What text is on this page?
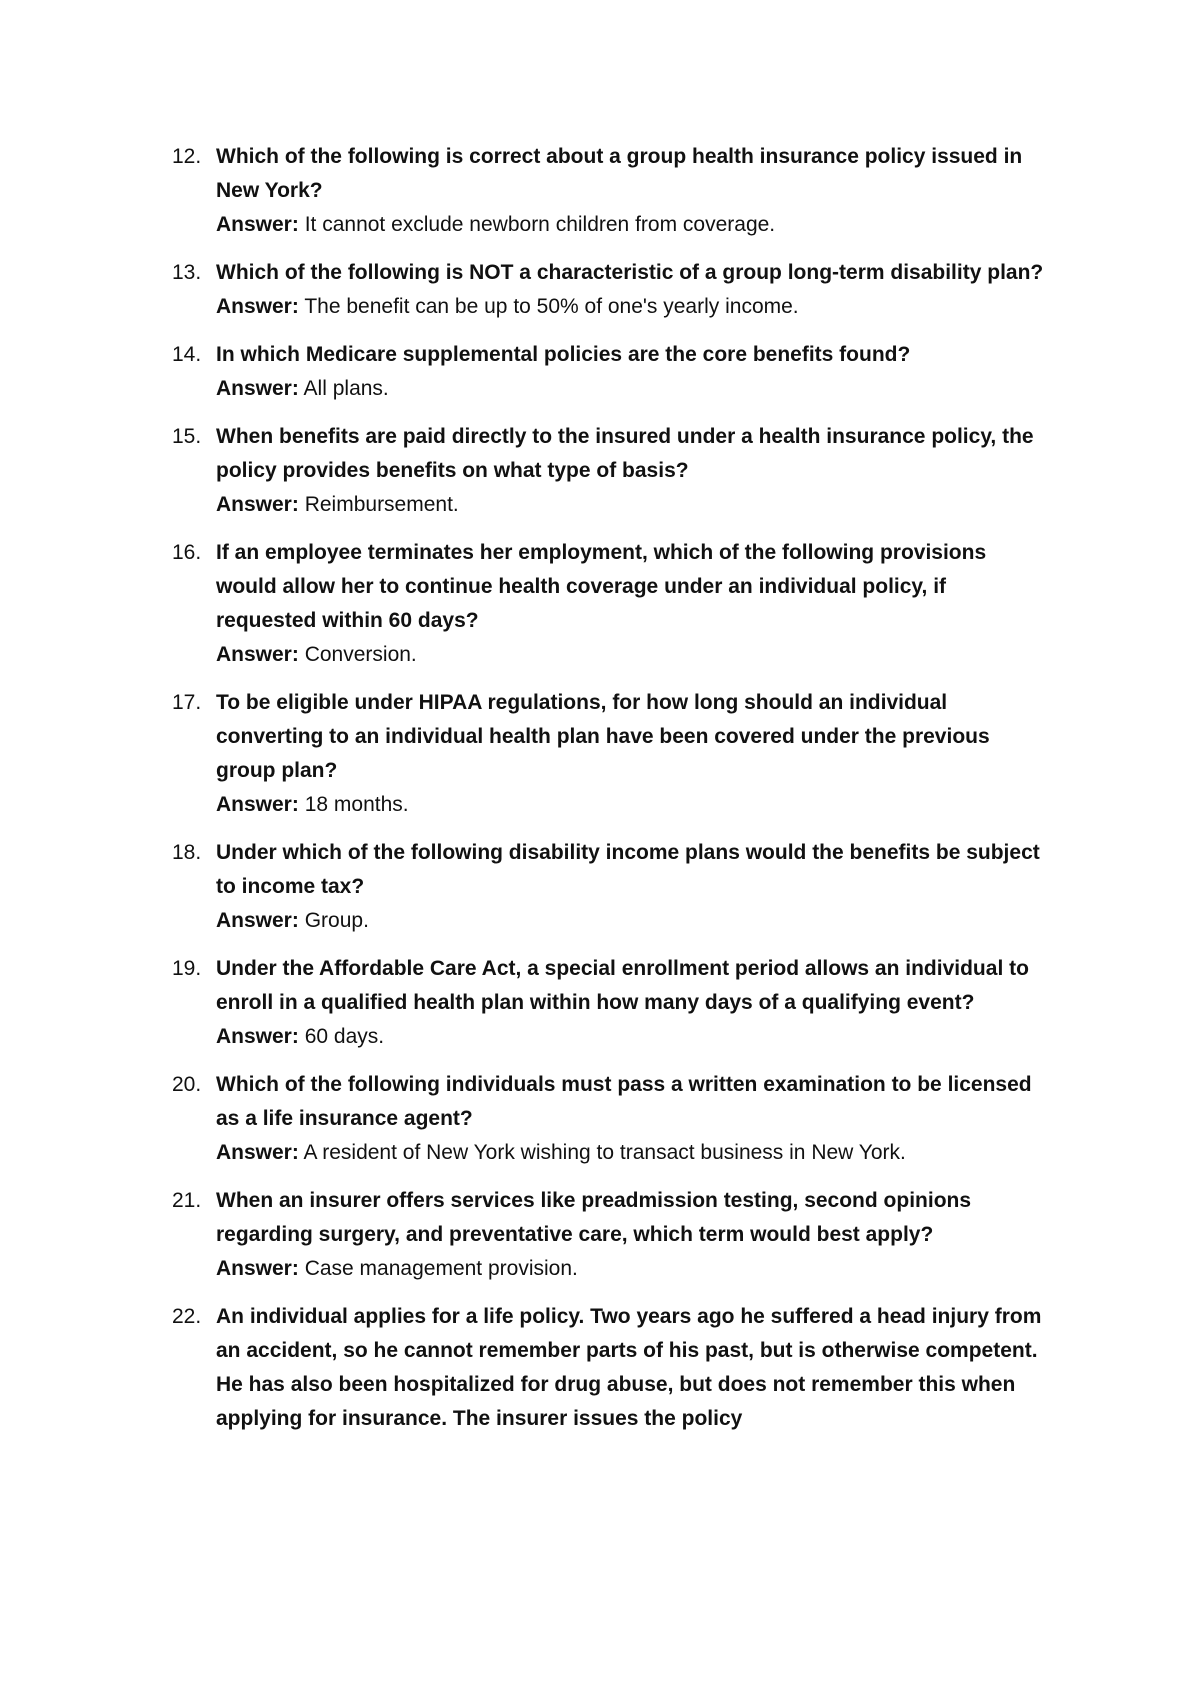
12. Which of the following is correct about a group health insurance policy issued in New York?
Answer: It cannot exclude newborn children from coverage.
13. Which of the following is NOT a characteristic of a group long-term disability plan?
Answer: The benefit can be up to 50% of one's yearly income.
14. In which Medicare supplemental policies are the core benefits found?
Answer: All plans.
15. When benefits are paid directly to the insured under a health insurance policy, the policy provides benefits on what type of basis?
Answer: Reimbursement.
16. If an employee terminates her employment, which of the following provisions would allow her to continue health coverage under an individual policy, if requested within 60 days?
Answer: Conversion.
17. To be eligible under HIPAA regulations, for how long should an individual converting to an individual health plan have been covered under the previous group plan?
Answer: 18 months.
18. Under which of the following disability income plans would the benefits be subject to income tax?
Answer: Group.
19. Under the Affordable Care Act, a special enrollment period allows an individual to enroll in a qualified health plan within how many days of a qualifying event?
Answer: 60 days.
20. Which of the following individuals must pass a written examination to be licensed as a life insurance agent?
Answer: A resident of New York wishing to transact business in New York.
21. When an insurer offers services like preadmission testing, second opinions regarding surgery, and preventative care, which term would best apply?
Answer: Case management provision.
22. An individual applies for a life policy. Two years ago he suffered a head injury from an accident, so he cannot remember parts of his past, but is otherwise competent. He has also been hospitalized for drug abuse, but does not remember this when applying for insurance. The insurer issues the policy
